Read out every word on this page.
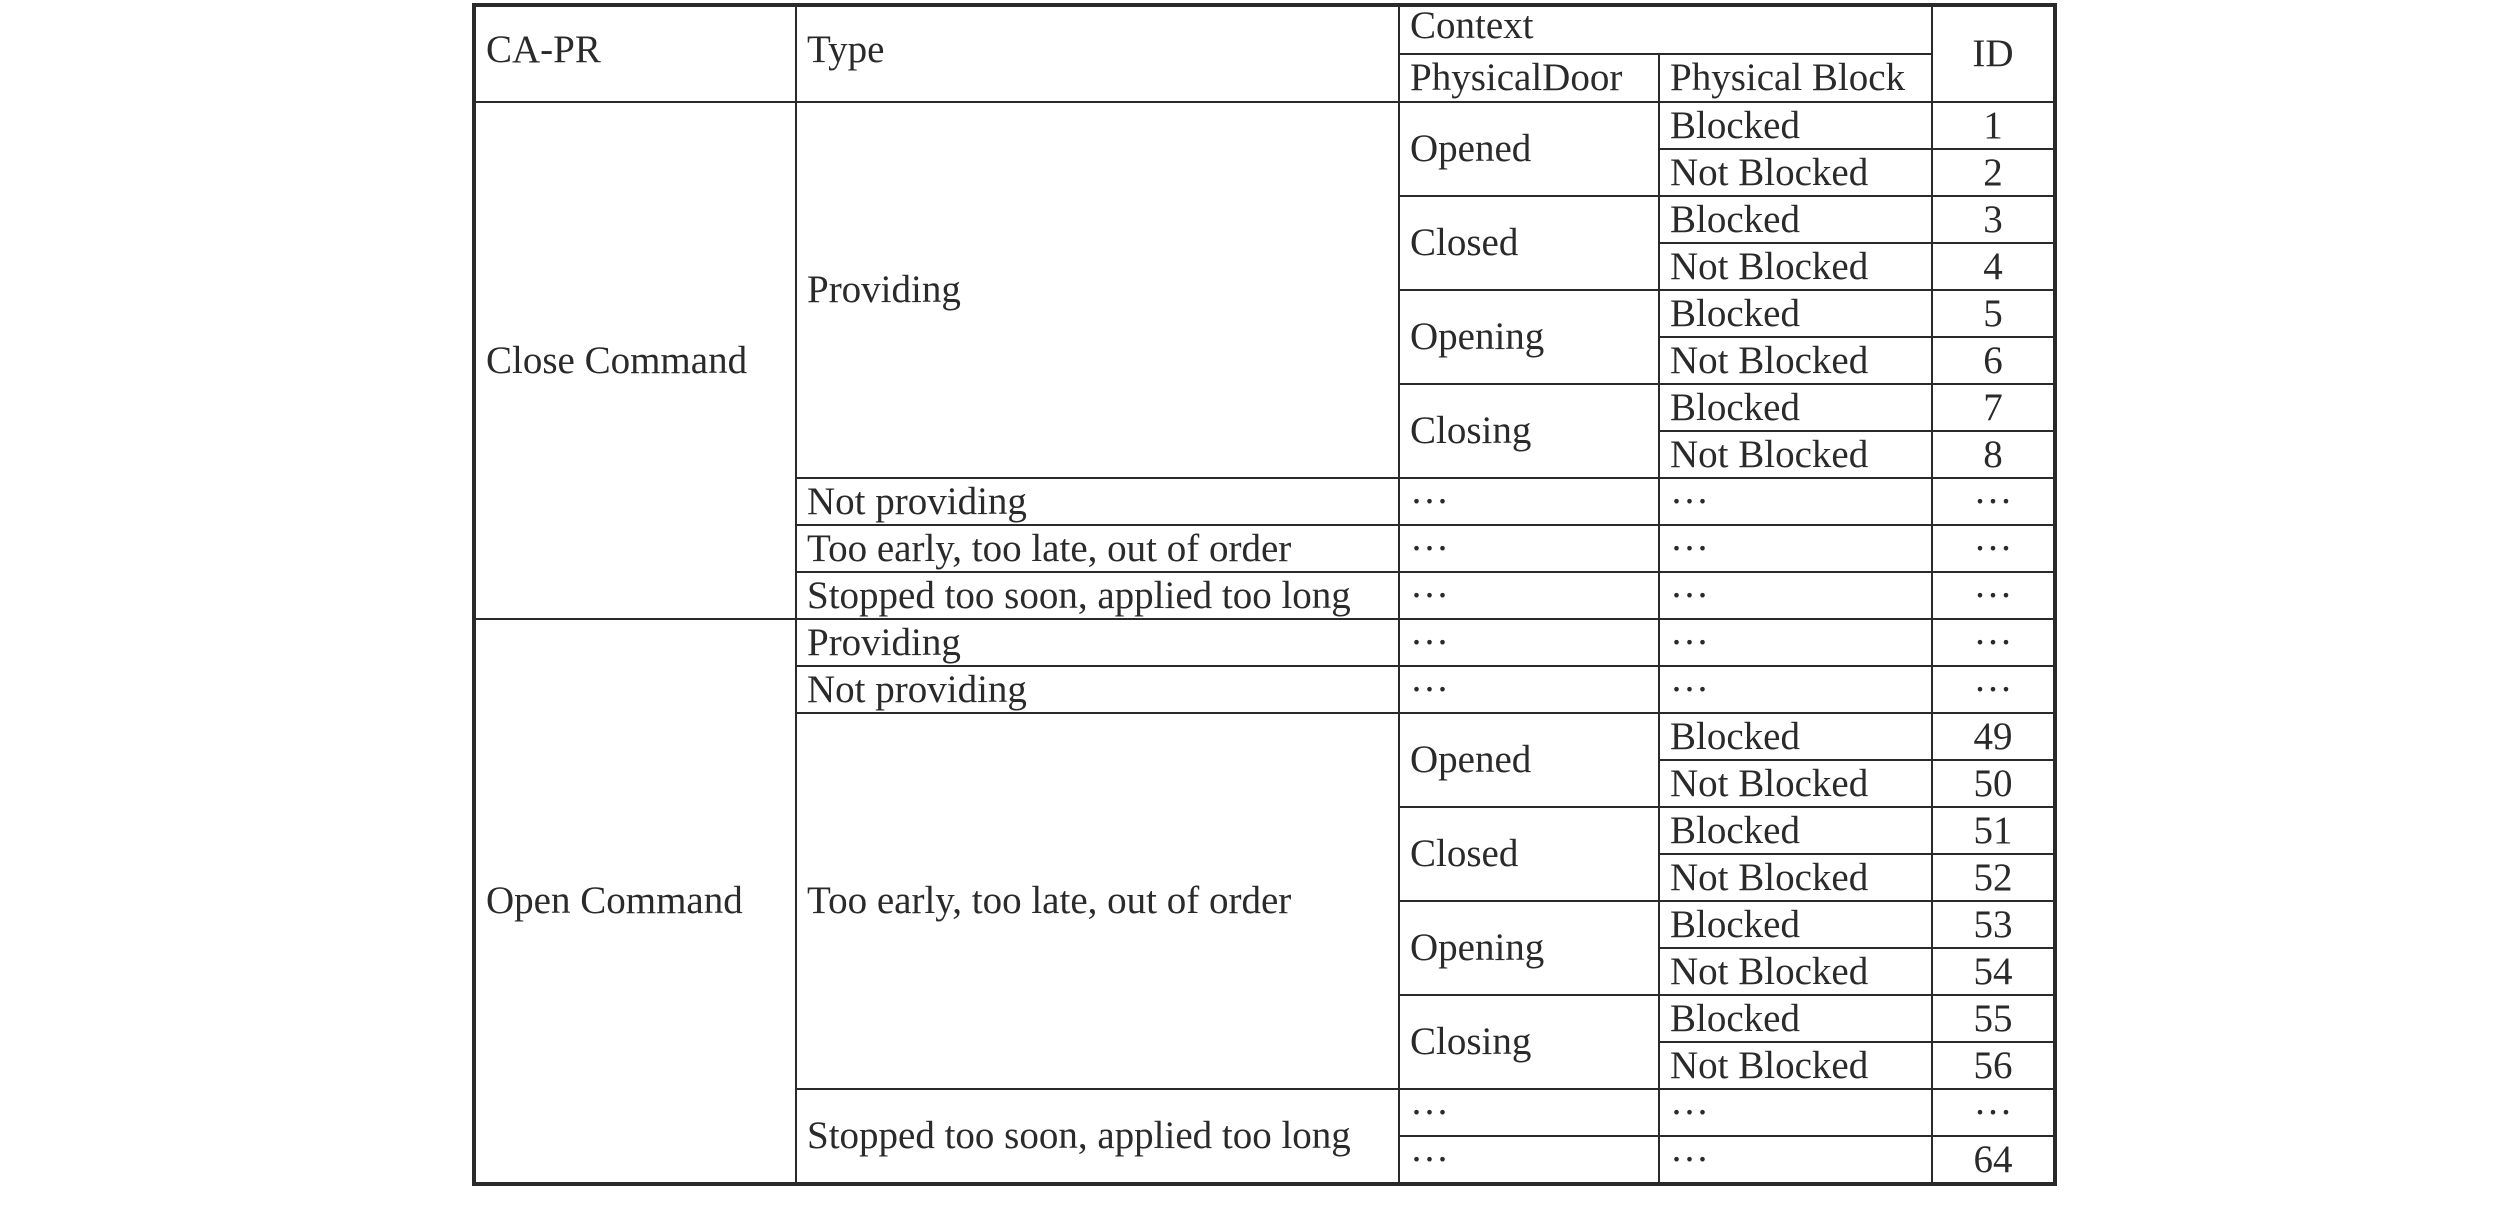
CA-PR	Type	Context		ID
		PhysicalDoor	Physical Block	
Close Command	Providing	Opened	Blocked	1
			Not Blocked	2
		Closed	Blocked	3
			Not Blocked	4
		Opening	Blocked	5
			Not Blocked	6
		Closing	Blocked	7
			Not Blocked	8
	Not providing	···	···	···
	Too early, too late, out of order	···	···	···
	Stopped too soon, applied too long	···	···	···
Open Command	Providing	···	···	···
	Not providing	···	···	···
	Too early, too late, out of order	Opened	Blocked	49
			Not Blocked	50
		Closed	Blocked	51
			Not Blocked	52
		Opening	Blocked	53
			Not Blocked	54
		Closing	Blocked	55
			Not Blocked	56
	Stopped too soon, applied too long	···	···	···
		···	···	64
